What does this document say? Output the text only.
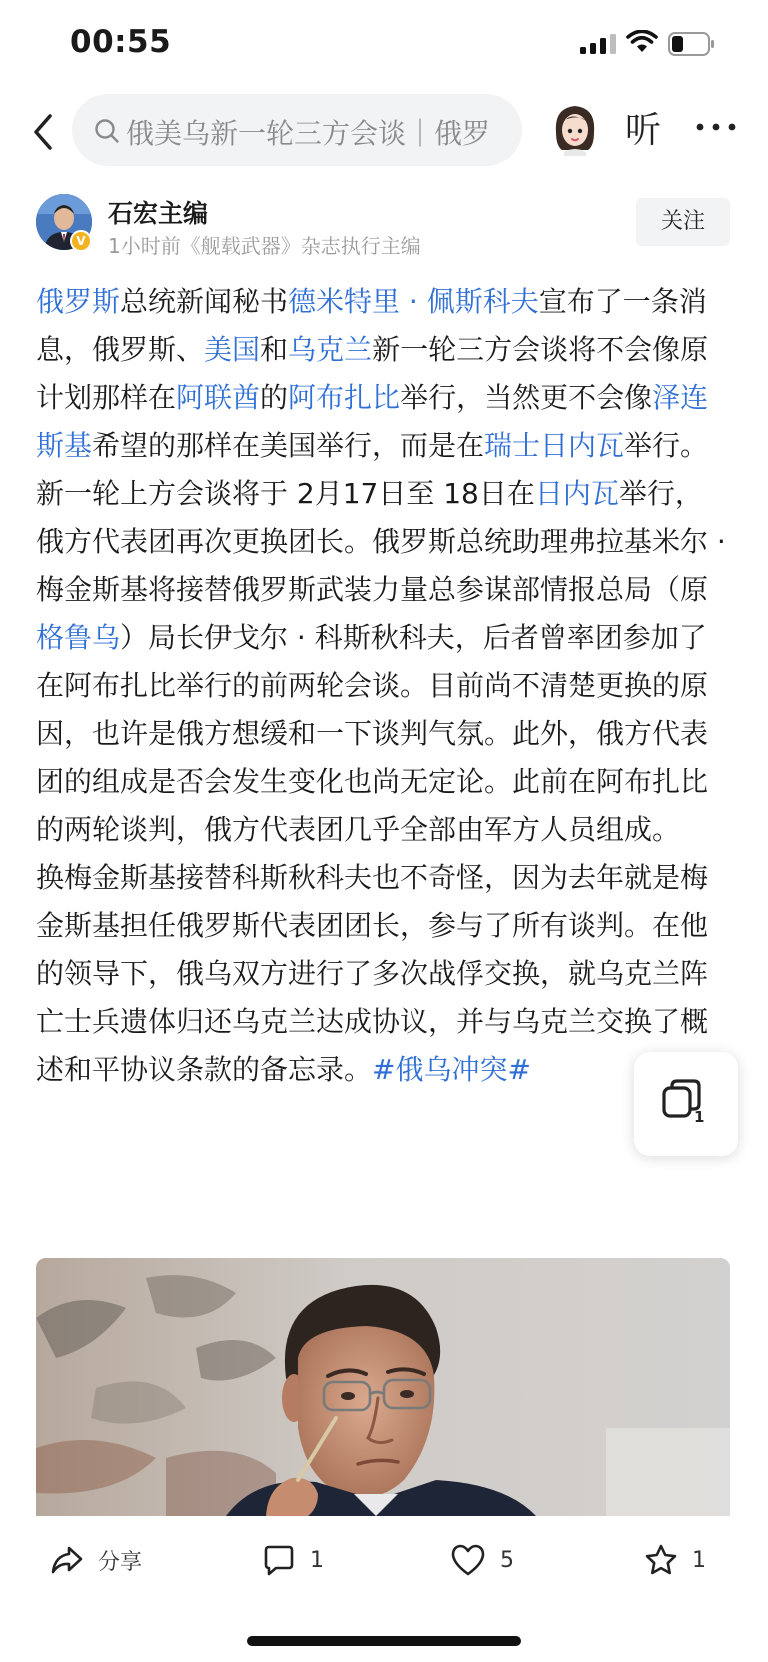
00:55
俄美乌新一轮三方会谈｜俄罗	听
V
石宏主编
1小时前《舰载武器》杂志执行主编
关注

俄罗斯总统新闻秘书德米特里 · 佩斯科夫宣布了一条消息，俄罗斯、美国和乌克兰新一轮三方会谈将不会像原计划那样在阿联酋的阿布扎比举行，当然更不会像泽连斯基希望的那样在美国举行，而是在瑞士日内瓦举行。

新一轮上方会谈将于 2月17日至 18日在日内瓦举行，俄方代表团再次更换团长。俄罗斯总统助理弗拉基米尔 · 梅金斯基将接替俄罗斯武装力量总参谋部情报总局（原格鲁乌）局长伊戈尔 · 科斯秋科夫，后者曾率团参加了在阿布扎比举行的前两轮会谈。目前尚不清楚更换的原因，也许是俄方想缓和一下谈判气氛。此外，俄方代表团的组成是否会发生变化也尚无定论。此前在阿布扎比的两轮谈判，俄方代表团几乎全部由军方人员组成。

换梅金斯基接替科斯秋科夫也不奇怪，因为去年就是梅金斯基担任俄罗斯代表团团长，参与了所有谈判。在他的领导下，俄乌双方进行了多次战俘交换，就乌克兰阵亡士兵遗体归还乌克兰达成协议，并与乌克兰交换了概述和平协议条款的备忘录。#俄乌冲突#

1
分享	1	5	1
